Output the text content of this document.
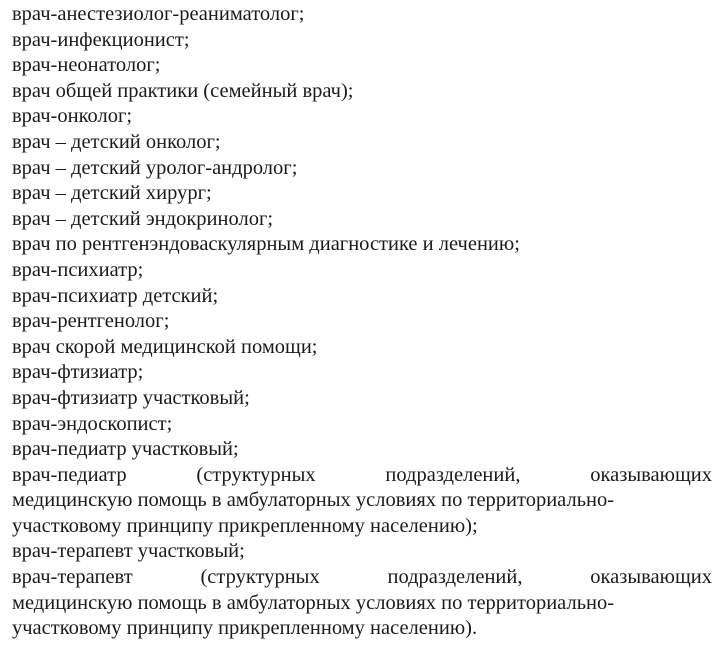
врач-анестезиолог-реаниматолог;
врач-инфекционист;
врач-неонатолог;
врач общей практики (семейный врач);
врач-онколог;
врач – детский онколог;
врач – детский уролог-андролог;
врач – детский хирург;
врач – детский эндокринолог;
врач по рентгенэндоваскулярным диагностике и лечению;
врач-психиатр;
врач-психиатр детский;
врач-рентгенолог;
врач скорой медицинской помощи;
врач-фтизиатр;
врач-фтизиатр участковый;
врач-эндоскопист;
врач-педиатр участковый;
врач-педиатр	(структурных	подразделений,	оказывающих
медицинскую помощь в амбулаторных условиях по территориально-
участковому принципу прикрепленному населению);
врач-терапевт участковый;
врач-терапевт	(структурных	подразделений,	оказывающих
медицинскую помощь в амбулаторных условиях по территориально-
участковому принципу прикрепленному населению).
